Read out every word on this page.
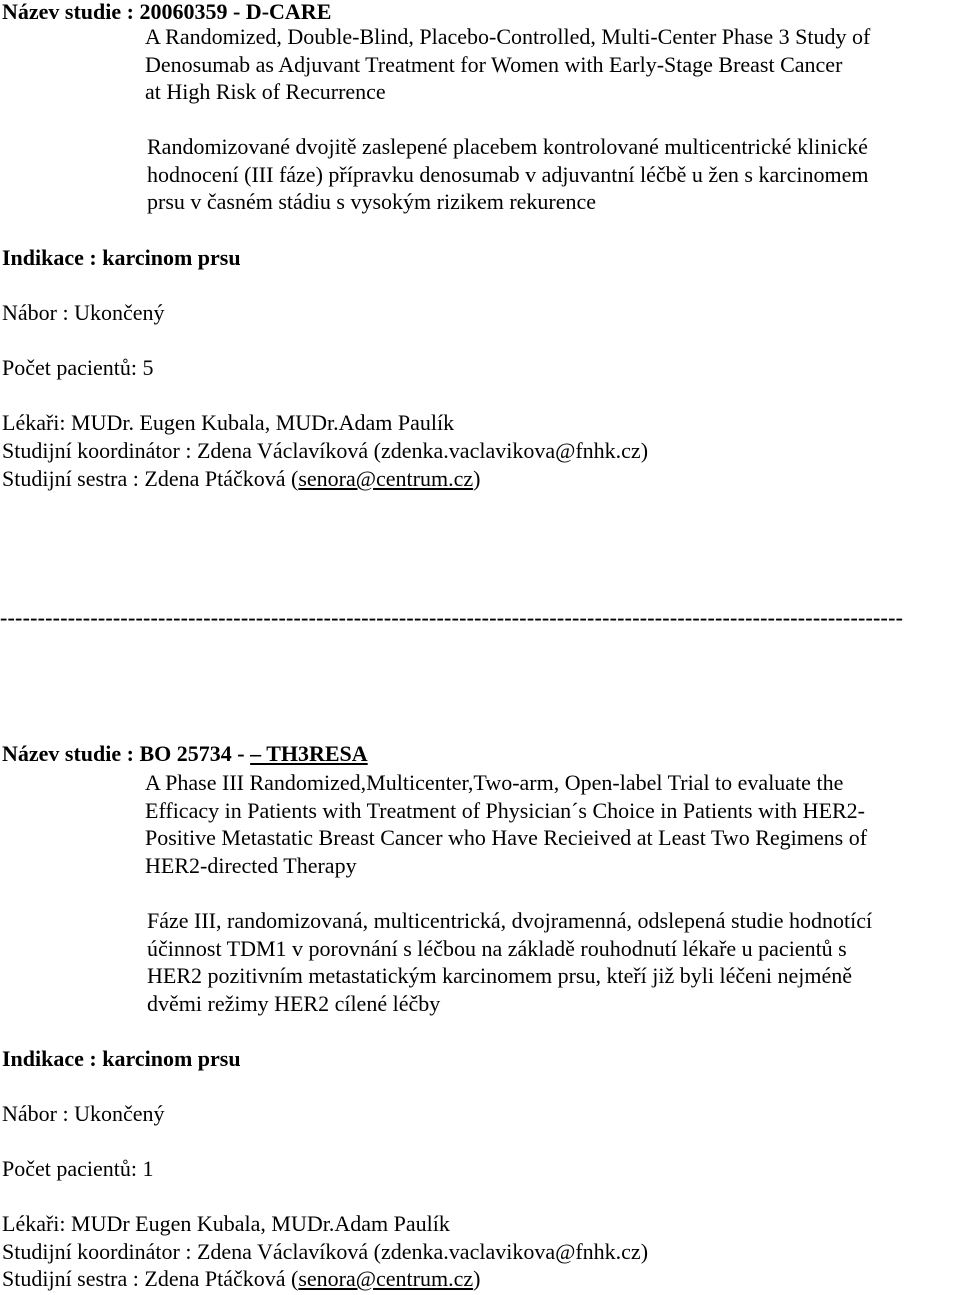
Název studie : 20060359 - D-CARE
A Randomized, Double-Blind, Placebo-Controlled, Multi-Center Phase 3 Study of
Denosumab as Adjuvant Treatment for Women with Early-Stage Breast Cancer
at High Risk of Recurrence
Randomizované dvojitě zaslepené placebem kontrolované multicentrické klinické
hodnocení (III fáze) přípravku denosumab v adjuvantní léčbě u žen s karcinomem
prsu v časném stádiu s vysokým rizikem rekurence
Indikace : karcinom prsu
Nábor : Ukončený
Počet pacientů: 5
Lékaři: MUDr. Eugen Kubala, MUDr.Adam Paulík
Studijní koordinátor : Zdena Václavíková (zdenka.vaclavikova@fnhk.cz)
Studijní sestra : Zdena Ptáčková (senora@centrum.cz)
------------------------------------------------------------------------------------------------------------------------
Název studie : BO 25734 - – TH3RESA
A Phase III Randomized,Multicenter,Two-arm, Open-label Trial to evaluate the
Efficacy in Patients with Treatment of Physician´s Choice in Patients with HER2-
Positive Metastatic Breast Cancer who Have Recieived at Least Two Regimens of
HER2-directed Therapy
Fáze III, randomizovaná, multicentrická, dvojramenná, odslepená studie hodnotící
účinnost TDM1 v porovnání s léčbou na základě rouhodnutí lékaře u pacientů s
HER2 pozitivním metastatickým karcinomem prsu, kteří již byli léčeni nejméně
dvěmi režimy HER2 cílené léčby
Indikace : karcinom prsu
Nábor : Ukončený
Počet pacientů: 1
Lékaři: MUDr Eugen Kubala, MUDr.Adam Paulík
Studijní koordinátor : Zdena Václavíková (zdenka.vaclavikova@fnhk.cz)
Studijní sestra : Zdena Ptáčková (senora@centrum.cz)
